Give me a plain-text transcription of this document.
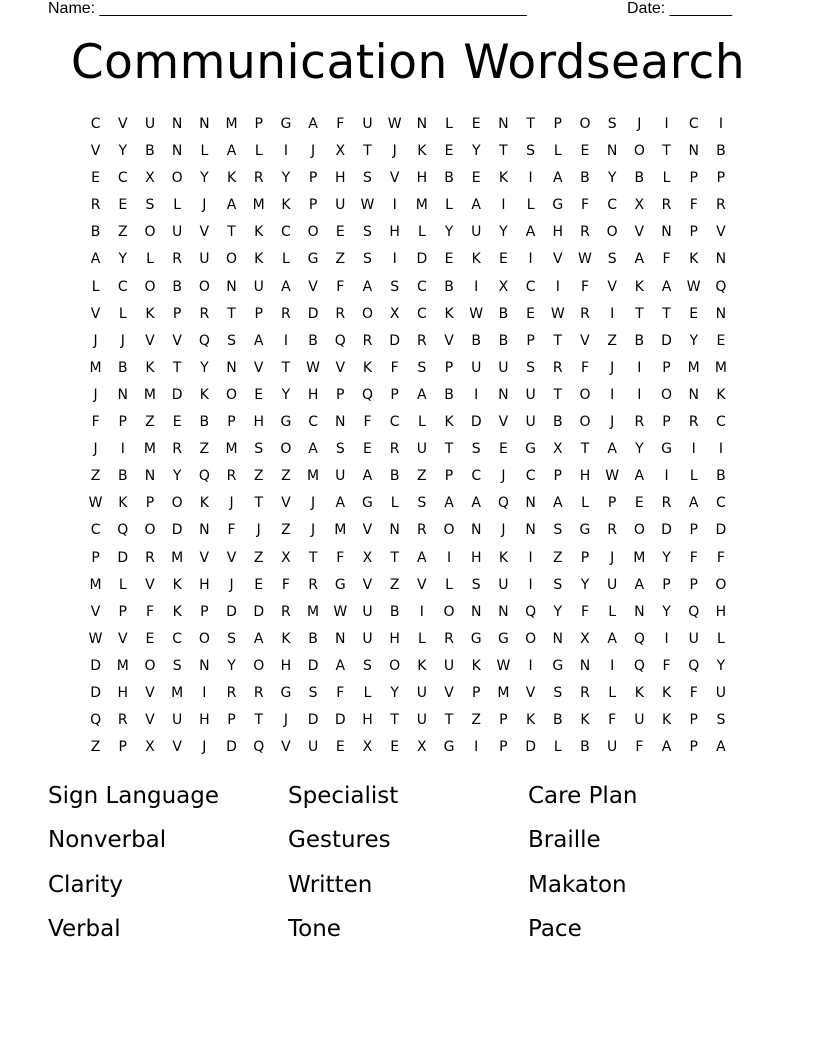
Name: ________________________________________________	Date: _______
Communication Wordsearch
C	V	U	N	N	M	P	G	A	F	U	W	N	L	E	N	T	P	O	S	J	I	C	I
V	Y	B	N	L	A	L	I	J	X	T	J	K	E	Y	T	S	L	E	N	O	T	N	B
E	C	X	O	Y	K	R	Y	P	H	S	V	H	B	E	K	I	A	B	Y	B	L	P	P
R	E	S	L	J	A	M	K	P	U	W	I	M	L	A	I	L	G	F	C	X	R	F	R
B	Z	O	U	V	T	K	C	O	E	S	H	L	Y	U	Y	A	H	R	O	V	N	P	V
A	Y	L	R	U	O	K	L	G	Z	S	I	D	E	K	E	I	V	W	S	A	F	K	N
L	C	O	B	O	N	U	A	V	F	A	S	C	B	I	X	C	I	F	V	K	A	W	Q
V	L	K	P	R	T	P	R	D	R	O	X	C	K	W	B	E	W	R	I	T	T	E	N
J	J	V	V	Q	S	A	I	B	Q	R	D	R	V	B	B	P	T	V	Z	B	D	Y	E
M	B	K	T	Y	N	V	T	W	V	K	F	S	P	U	U	S	R	F	J	I	P	M	M
J	N	M	D	K	O	E	Y	H	P	Q	P	A	B	I	N	U	T	O	I	I	O	N	K
F	P	Z	E	B	P	H	G	C	N	F	C	L	K	D	V	U	B	O	J	R	P	R	C
J	I	M	R	Z	M	S	O	A	S	E	R	U	T	S	E	G	X	T	A	Y	G	I	I
Z	B	N	Y	Q	R	Z	Z	M	U	A	B	Z	P	C	J	C	P	H	W	A	I	L	B
W	K	P	O	K	J	T	V	J	A	G	L	S	A	A	Q	N	A	L	P	E	R	A	C
C	Q	O	D	N	F	J	Z	J	M	V	N	R	O	N	J	N	S	G	R	O	D	P	D
P	D	R	M	V	V	Z	X	T	F	X	T	A	I	H	K	I	Z	P	J	M	Y	F	F
M	L	V	K	H	J	E	F	R	G	V	Z	V	L	S	U	I	S	Y	U	A	P	P	O
V	P	F	K	P	D	D	R	M	W	U	B	I	O	N	N	Q	Y	F	L	N	Y	Q	H
W	V	E	C	O	S	A	K	B	N	U	H	L	R	G	G	O	N	X	A	Q	I	U	L
D	M	O	S	N	Y	O	H	D	A	S	O	K	U	K	W	I	G	N	I	Q	F	Q	Y
D	H	V	M	I	R	R	G	S	F	L	Y	U	V	P	M	V	S	R	L	K	K	F	U
Q	R	V	U	H	P	T	J	D	D	H	T	U	T	Z	P	K	B	K	F	U	K	P	S
Z	P	X	V	J	D	Q	V	U	E	X	E	X	G	I	P	D	L	B	U	F	A	P	A
Sign Language	Specialist	Care Plan
Nonverbal	Gestures	Braille
Clarity	Written	Makaton
Verbal	Tone	Pace
